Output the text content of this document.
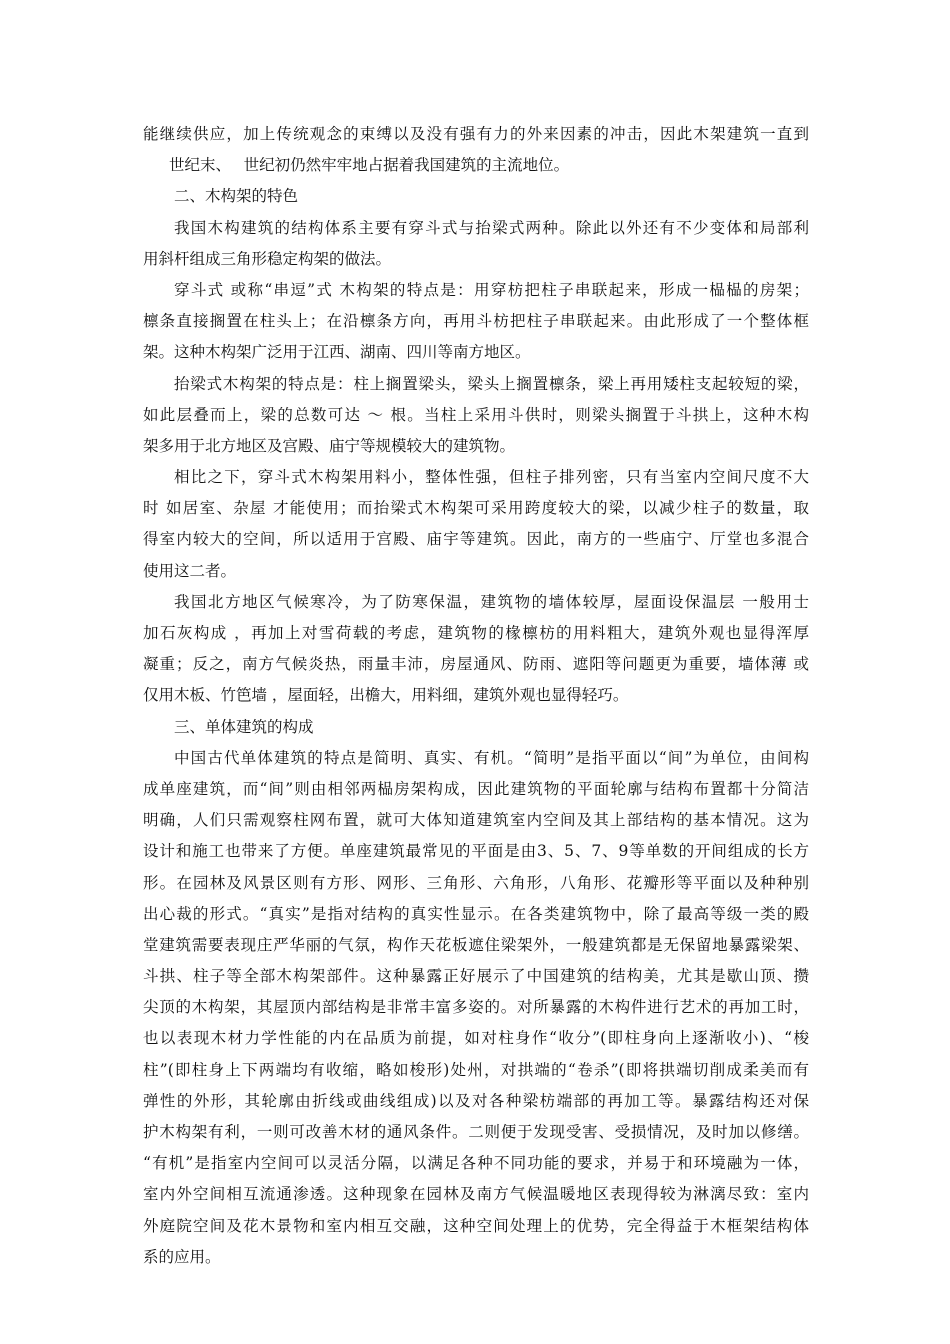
能继续供应，加上传统观念的束缚以及没有强有力的外来因素的冲击，因此木架建筑一直到
世纪末、　 世纪初仍然牢牢地占据着我国建筑的主流地位。
二、木构架的特色
我国木构建筑的结构体系主要有穿斗式与抬梁式两种。除此以外还有不少变体和局部利
用斜杆组成三角形稳定构架的做法。
穿斗式 或称“串逗”式 木构架的特点是：用穿枋把柱子串联起来，形成一榀榀的房架；
檩条直接搁置在柱头上；在沿檩条方向，再用斗枋把柱子串联起来。由此形成了一个整体框
架。这种木构架广泛用于江西、湖南、四川等南方地区。
抬梁式木构架的特点是：柱上搁置梁头，梁头上搁置檩条，梁上再用矮柱支起较短的梁，
如此层叠而上，梁的总数可达 ～ 根。当柱上采用斗供时，则梁头搁置于斗拱上，这种木构
架多用于北方地区及宫殿、庙宁等规模较大的建筑物。
相比之下，穿斗式木构架用料小，整体性强，但柱子排列密，只有当室内空间尺度不大
时 如居室、杂屋 才能使用；而抬梁式木构架可采用跨度较大的梁，以减少柱子的数量，取
得室内较大的空间，所以适用于宫殿、庙宇等建筑。因此，南方的一些庙宁、厅堂也多混合
使用这二者。
我国北方地区气候寒冷，为了防寒保温，建筑物的墙体较厚，屋面设保温层 一般用士
加石灰构成 ，再加上对雪荷载的考虑，建筑物的椽檩枋的用料粗大，建筑外观也显得浑厚
凝重；反之，南方气候炎热，雨量丰沛，房屋通风、防雨、遮阳等问题更为重要，墙体薄 或
仅用木板、竹笆墙 ，屋面轻，出檐大，用料细，建筑外观也显得轻巧。
三、单体建筑的构成
中国古代单体建筑的特点是简明、真实、有机。“简明”是指平面以“间”为单位，由间构
成单座建筑，而“间”则由相邻两榀房架构成，因此建筑物的平面轮廓与结构布置都十分简洁
明确，人们只需观察柱网布置，就可大体知道建筑室内空间及其上部结构的基本情况。这为
设计和施工也带来了方便。单座建筑最常见的平面是由3、5、7、9等单数的开间组成的长方
形。在园林及风景区则有方形、网形、三角形、六角形，八角形、花瓣形等平面以及种种别
出心裁的形式。“真实”是指对结构的真实性显示。在各类建筑物中，除了最高等级一类的殿
堂建筑需要表现庄严华丽的气氛，构作天花板遮住梁架外，一般建筑都是无保留地暴露梁架、
斗拱、柱子等全部木构架部件。这种暴露正好展示了中国建筑的结构美，尤其是歇山顶、攒
尖顶的木构架，其屋顶内部结构是非常丰富多姿的。对所暴露的木构件进行艺术的再加工时，
也以表现木材力学性能的内在品质为前提，如对柱身作“收分”(即柱身向上逐渐收小)、“梭
柱”(即柱身上下两端均有收缩，略如梭形)处州，对拱端的“卷杀”(即将拱端切削成柔美而有
弹性的外形，其轮廓由折线或曲线组成)以及对各种梁枋端部的再加工等。暴露结构还对保
护木构架有利，一则可改善木材的通风条件。二则便于发现受害、受损情况，及时加以修缮。
“有机”是指室内空间可以灵活分隔，以满足各种不同功能的要求，并易于和环境融为一体，
室内外空间相互流通渗透。这种现象在园林及南方气候温暖地区表现得较为淋漓尽致：室内
外庭院空间及花木景物和室内相互交融，这种空间处理上的优势，完全得益于木框架结构体
系的应用。
